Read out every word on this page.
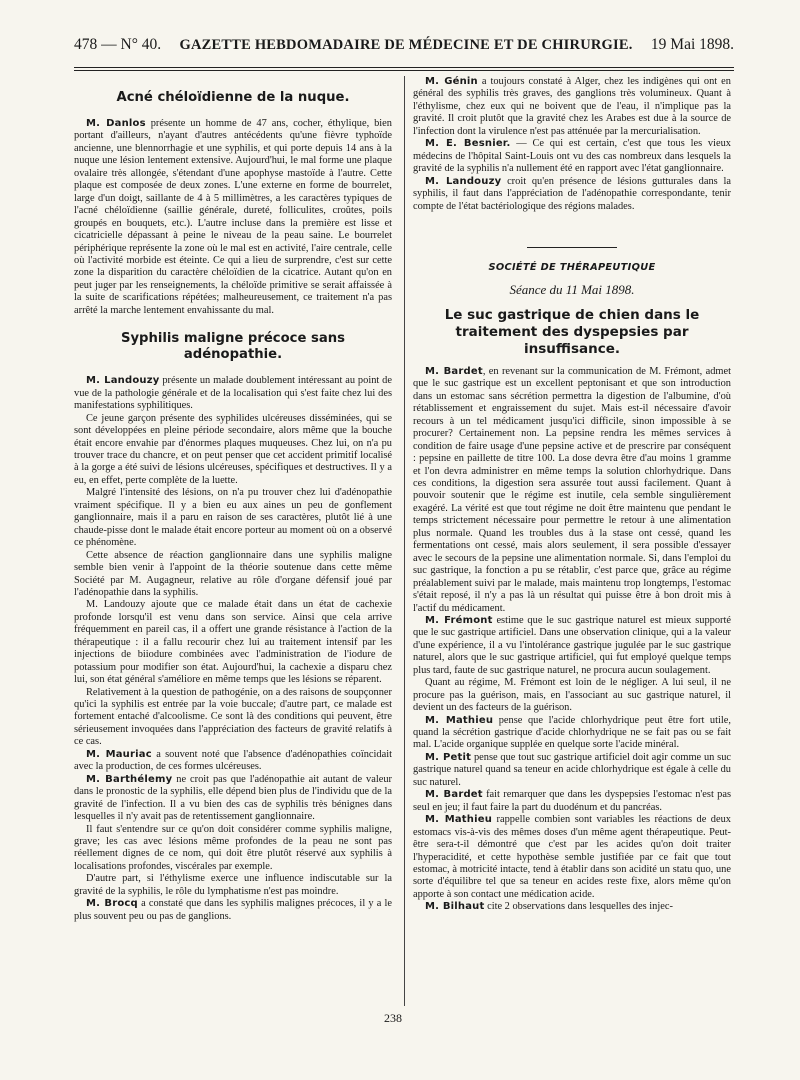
478 — N° 40. GAZETTE HEBDOMADAIRE DE MÉDECINE ET DE CHIRURGIE. 19 Mai 1898.
Acné chéloïdienne de la nuque.

M. Danlos présente un homme de 47 ans, cocher, éthylique, bien portant d'ailleurs, n'ayant d'autres antécédents qu'une fièvre typhoïde ancienne, une blennorrhagie et une syphilis, et qui porte depuis 14 ans à la nuque une lésion lentement extensive. Aujourd'hui, le mal forme une plaque ovalaire très allongée, s'étendant d'une apophyse mastoïde à l'autre. Cette plaque est composée de deux zones. L'une externe en forme de bourrelet, large d'un doigt, saillante de 4 à 5 millimètres, a les caractères typiques de l'acné chéloïdienne (saillie générale, dureté, folliculites, croûtes, poils groupés en bouquets, etc.). L'autre incluse dans la première est lisse et cicatricielle dépassant à peine le niveau de la peau saine. Le bourrelet périphérique représente la zone où le mal est en activité, l'aire centrale, celle où l'activité morbide est éteinte. Ce qui a lieu de surprendre, c'est sur cette zone la disparition du caractère chéloïdien de la cicatrice. Autant qu'on en peut juger par les renseignements, la chéloïde primitive se serait affaissée à la suite de scarifications répétées; malheureusement, ce traitement n'a pas arrêté la marche lentement envahissante du mal.

Syphilis maligne précoce sans adénopathie.

M. Landouzy présente un malade doublement intéressant au point de vue de la pathologie générale et de la localisation qui s'est faite chez lui des manifestations syphilitiques.

Ce jeune garçon présente des syphilides ulcéreuses disséminées, qui se sont développées en pleine période secondaire, alors même que la bouche était encore envahie par d'énormes plaques muqueuses. Chez lui, on n'a pu trouver trace du chancre, et on peut penser que cet accident primitif localisé à la gorge a été suivi de lésions ulcéreuses, spécifiques et destructives. Il y a eu, en effet, perte complète de la luette.

Malgré l'intensité des lésions, on n'a pu trouver chez lui d'adénopathie vraiment spécifique. Il y a bien eu aux aines un peu de gonflement ganglionnaire, mais il a paru en raison de ses caractères, plutôt lié à une chaude-pisse dont le malade était encore porteur au moment où on a observé ce phénomène.

Cette absence de réaction ganglionnaire dans une syphilis maligne semble bien venir à l'appoint de la théorie soutenue dans cette même Société par M. Augagneur, relative au rôle d'organe défensif joué par l'adénopathie dans la syphilis.

M. Landouzy ajoute que ce malade était dans un état de cachexie profonde lorsqu'il est venu dans son service. Ainsi que cela arrive fréquemment en pareil cas, il a offert une grande résistance à l'action de la thérapeutique : il a fallu recourir chez lui au traitement intensif par les injections de biiodure combinées avec l'administration de l'iodure de potassium pour modifier son état. Aujourd'hui, la cachexie a disparu chez lui, son état général s'améliore en même temps que les lésions se réparent.

Relativement à la question de pathogénie, on a des raisons de soupçonner qu'ici la syphilis est entrée par la voie buccale; d'autre part, ce malade est fortement entaché d'alcoolisme. Ce sont là des conditions qui peuvent, être sérieusement invoquées dans l'appréciation des facteurs de gravité relatifs à ce cas.

M. Mauriac a souvent noté que l'absence d'adénopathies coïncidait avec la production, de ces formes ulcéreuses.

M. Barthélemy ne croit pas que l'adénopathie ait autant de valeur dans le pronostic de la syphilis, elle dépend bien plus de l'individu que de la gravité de l'infection. Il a vu bien des cas de syphilis très bénignes dans lesquelles il n'y avait pas de retentissement ganglionnaire.

Il faut s'entendre sur ce qu'on doit considérer comme syphilis maligne, grave; les cas avec lésions même profondes de la peau ne sont pas réellement dignes de ce nom, qui doit être plutôt réservé aux syphilis à localisations profondes, viscérales par exemple.

D'autre part, si l'éthylisme exerce une influence indiscutable sur la gravité de la syphilis, le rôle du lymphatisme n'est pas moindre.

M. Brocq a constaté que dans les syphilis malignes précoces, il y a le plus souvent peu ou pas de ganglions.

M. Génin a toujours constaté à Alger, chez les indigènes qui ont en général des syphilis très graves, des ganglions très volumineux. Quant à l'éthylisme, chez eux qui ne boivent que de l'eau, il n'implique pas la gravité. Il croit plutôt que la gravité chez les Arabes est due à la source de l'infection dont la virulence n'est pas atténuée par la mercurialisation.

M. E. Besnier. — Ce qui est certain, c'est que tous les vieux médecins de l'hôpital Saint-Louis ont vu des cas nombreux dans lesquels la gravité de la syphilis n'a nullement été en rapport avec l'état ganglionnaire.

M. Landouzy croit qu'en présence de lésions gutturales dans la syphilis, il faut dans l'appréciation de l'adénopathie correspondante, tenir compte de l'état bactériologique des régions malades.

SOCIÉTÉ DE THÉRAPEUTIQUE
Séance du 11 Mai 1898.
Le suc gastrique de chien dans le traitement des dyspepsies par insuffisance.

M. Bardet, en revenant sur la communication de M. Frémont, admet que le suc gastrique est un excellent peptonisant et que son introduction dans un estomac sans sécrétion permettra la digestion de l'albumine, d'où rétablissement et engraissement du sujet. Mais est-il nécessaire d'avoir recours à un tel médicament jusqu'ici difficile, sinon impossible à se procurer? Certainement non. La pepsine rendra les mêmes services à condition de faire usage d'une pepsine active et de prescrire par conséquent : pepsine en paillette de titre 100. La dose devra être d'au moins 1 gramme et l'on devra administrer en même temps la solution chlorhydrique. Dans ces conditions, la digestion sera assurée tout aussi facilement. Quant à pouvoir soutenir que le régime est inutile, cela semble singulièrement exagéré. La vérité est que tout régime ne doit être maintenu que pendant le temps strictement nécessaire pour permettre le retour à une alimentation plus normale. Quand les troubles dus à la stase ont cessé, quand les fermentations ont cessé, mais alors seulement, il sera possible d'essayer avec le secours de la pepsine une alimentation normale. Si, dans l'emploi du suc gastrique, la fonction a pu se rétablir, c'est parce que, grâce au régime préalablement suivi par le malade, mais maintenu trop longtemps, l'estomac s'était reposé, il n'y a pas là un résultat qui puisse être à bon droit mis à l'actif du médicament.

M. Frémont estime que le suc gastrique naturel est mieux supporté que le suc gastrique artificiel. Dans une observation clinique, qui a la valeur d'une expérience, il a vu l'intolérance gastrique jugulée par le suc gastrique naturel, alors que le suc gastrique artificiel, qui fut employé quelque temps plus tard, faute de suc gastrique naturel, ne procura aucun soulagement.

Quant au régime, M. Frémont est loin de le négliger. A lui seul, il ne procure pas la guérison, mais, en l'associant au suc gastrique naturel, il devient un des facteurs de la guérison.

M. Mathieu pense que l'acide chlorhydrique peut être fort utile, quand la sécrétion gastrique d'acide chlorhydrique ne se fait pas ou se fait mal. L'acide organique supplée en quelque sorte l'acide minéral.

M. Petit pense que tout suc gastrique artificiel doit agir comme un suc gastrique naturel quand sa teneur en acide chlorhydrique est égale à celle du suc naturel.

M. Bardet fait remarquer que dans les dyspepsies l'estomac n'est pas seul en jeu; il faut faire la part du duodénum et du pancréas.

M. Mathieu rappelle combien sont variables les réactions de deux estomacs vis-à-vis des mêmes doses d'un même agent thérapeutique. Peut-être sera-t-il démontré que c'est par les acides qu'on doit traiter l'hyperacidité, et cette hypothèse semble justifiée par ce fait que tout estomac, à motricité intacte, tend à établir dans son acidité un statu quo, une sorte d'équilibre tel que sa teneur en acides reste fixe, alors même qu'on apporte à son contact une médication acide.

M. Bilhaut cite 2 observations dans lesquelles des injec-

238
